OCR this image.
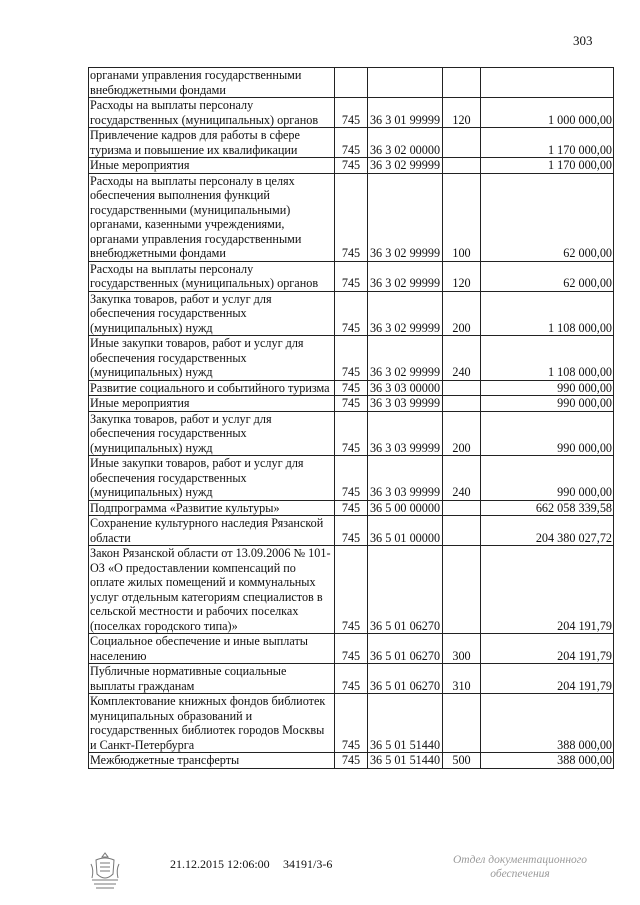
303
органами управления государственными внебюджетными фондами				
Расходы на выплаты персоналу государственных (муниципальных) органов	745	36 3 01 99999	120	1 000 000,00
Привлечение кадров для работы в сфере туризма и повышение их квалификации	745	36 3 02 00000		1 170 000,00
Иные мероприятия	745	36 3 02 99999		1 170 000,00
Расходы на выплаты персоналу в целях обеспечения выполнения функций государственными (муниципальными) органами, казенными учреждениями, органами управления государственными внебюджетными фондами	745	36 3 02 99999	100	62 000,00
Расходы на выплаты персоналу государственных (муниципальных) органов	745	36 3 02 99999	120	62 000,00
Закупка товаров, работ и услуг для обеспечения государственных (муниципальных) нужд	745	36 3 02 99999	200	1 108 000,00
Иные закупки товаров, работ и услуг для обеспечения государственных (муниципальных) нужд	745	36 3 02 99999	240	1 108 000,00
Развитие социального и событийного туризма	745	36 3 03 00000		990 000,00
Иные мероприятия	745	36 3 03 99999		990 000,00
Закупка товаров, работ и услуг для обеспечения государственных (муниципальных) нужд	745	36 3 03 99999	200	990 000,00
Иные закупки товаров, работ и услуг для обеспечения государственных (муниципальных) нужд	745	36 3 03 99999	240	990 000,00
Подпрограмма «Развитие культуры»	745	36 5 00 00000		662 058 339,58
Сохранение культурного наследия Рязанской области	745	36 5 01 00000		204 380 027,72
Закон Рязанской области от 13.09.2006 № 101-ОЗ «О предоставлении компенсаций по оплате жилых помещений и коммунальных услуг отдельным категориям специалистов в сельской местности и рабочих поселках (поселках городского типа)»	745	36 5 01 06270		204 191,79
Социальное обеспечение и иные выплаты населению	745	36 5 01 06270	300	204 191,79
Публичные нормативные социальные выплаты гражданам	745	36 5 01 06270	310	204 191,79
Комплектование книжных фондов библиотек муниципальных образований и государственных библиотек городов Москвы и Санкт-Петербурга	745	36 5 01 51440		388 000,00
Межбюджетные трансферты	745	36 5 01 51440	500	388 000,00
21.12.2015 12:06:00 34191/3-6	Отдел документационного
обеспечения
